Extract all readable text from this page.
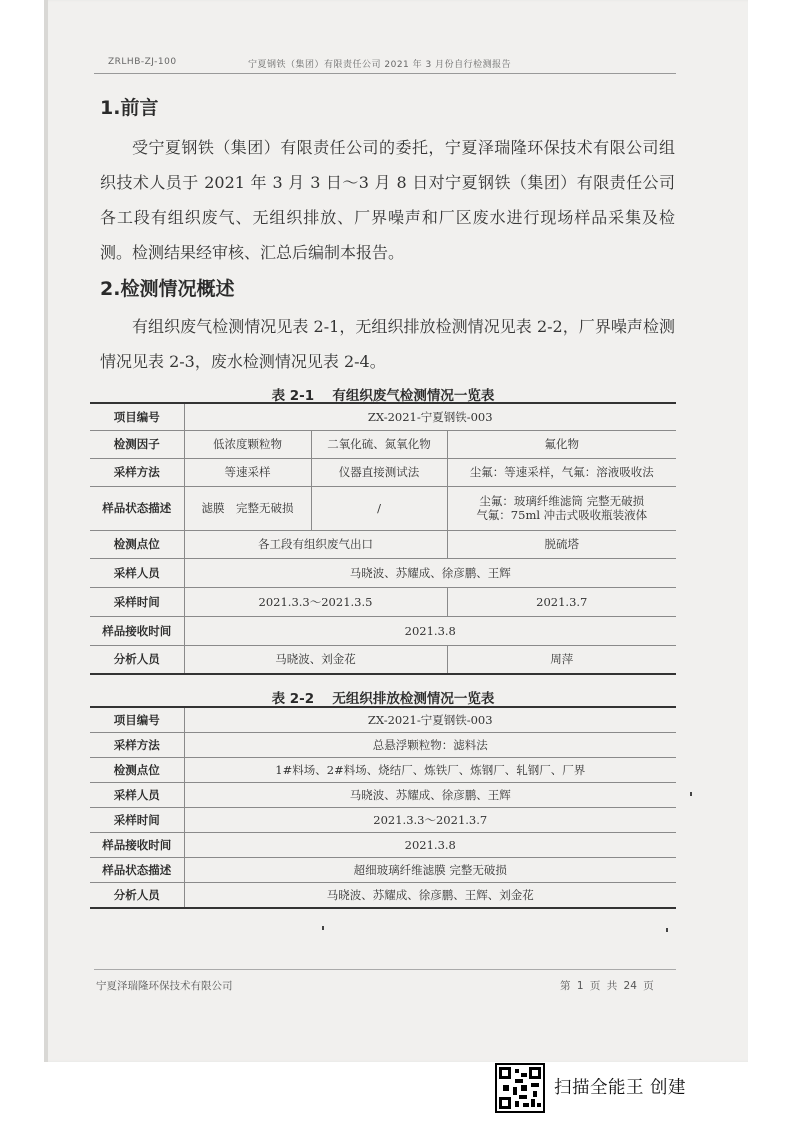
ZRLHB-ZJ-100	宁夏钢铁（集团）有限责任公司 2021 年 3 月份自行检测报告
1.前言
受宁夏钢铁（集团）有限责任公司的委托，宁夏泽瑞隆环保技术有限公司组织技术人员于 2021 年 3 月 3 日～3 月 8 日对宁夏钢铁（集团）有限责任公司各工段有组织废气、无组织排放、厂界噪声和厂区废水进行现场样品采集及检测。检测结果经审核、汇总后编制本报告。
2.检测情况概述
有组织废气检测情况见表 2-1，无组织排放检测情况见表 2-2，厂界噪声检测情况见表 2-3，废水检测情况见表 2-4。
表 2-1　 有组织废气检测情况一览表
项目编号	ZX-2021-宁夏钢铁-003		
检测因子	低浓度颗粒物	二氧化硫、氮氧化物	氟化物
采样方法	等速采样	仪器直接测试法	尘氟：等速采样，气氟：溶液吸收法
样品状态描述	滤膜　完整无破损	/	尘氟：玻璃纤维滤筒 完整无破损
气氟：75ml 冲击式吸收瓶装液体

检测点位	各工段有组织废气出口		脱硫塔
采样人员	马晓波、苏耀成、徐彦鹏、王辉		
采样时间	2021.3.3～2021.3.5		2021.3.7
样品接收时间	2021.3.8		
分析人员	马晓波、刘金花		周萍
表 2-2　 无组织排放检测情况一览表
项目编号	ZX-2021-宁夏钢铁-003
采样方法	总悬浮颗粒物：滤料法
检测点位	1#料场、2#料场、烧结厂、炼铁厂、炼钢厂、轧钢厂、厂界
采样人员	马晓波、苏耀成、徐彦鹏、王辉
采样时间	2021.3.3～2021.3.7
样品接收时间	2021.3.8
样品状态描述	超细玻璃纤维滤膜 完整无破损
分析人员	马晓波、苏耀成、徐彦鹏、王辉、刘金花
宁夏泽瑞隆环保技术有限公司	第 1 页 共 24 页
扫描全能王 创建
